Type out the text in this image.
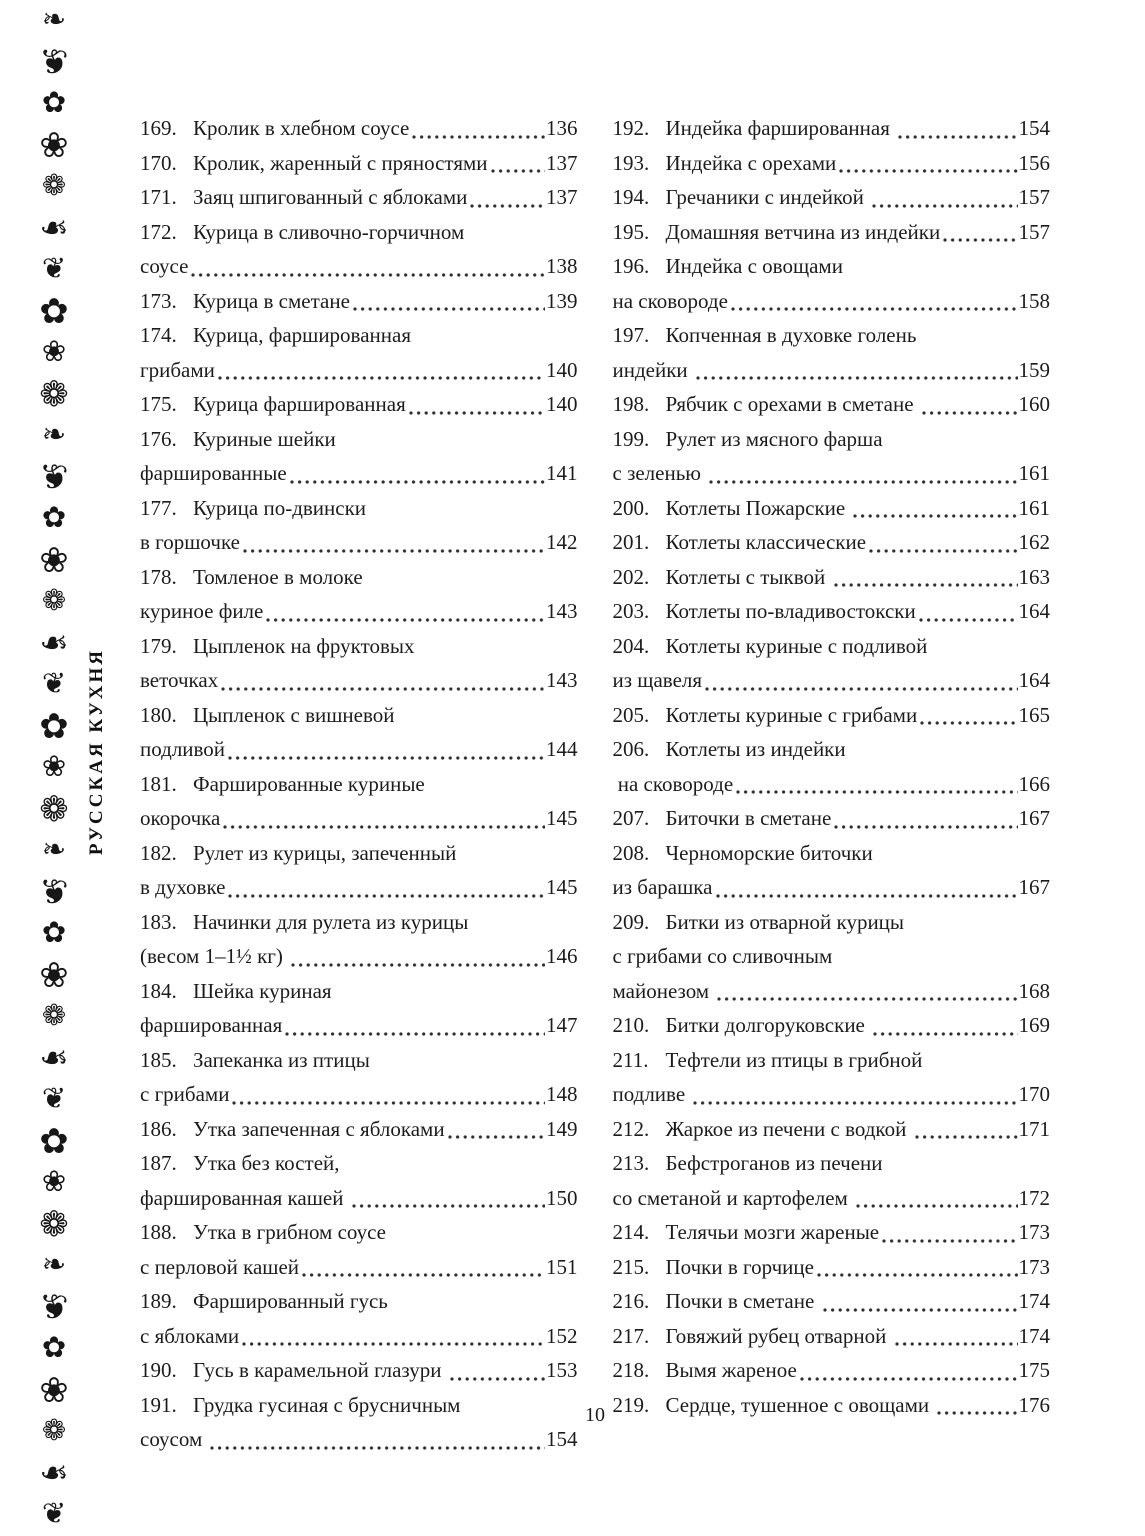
❧
❦
✿
❀
❁
❧
❦
✿
❀
❁
❧
❦
✿
❀
❁
❧
❦
✿
❀
❁
❧
❦
✿
❀
❁
❧
❦
✿
❀
❁
❧
❦
✿
❀
❁
❧
❦
РУССКАЯ КУХНЯ
169. Кролик в хлебном соусе	136
170. Кролик, жаренный с пряностями	137
171. Заяц шпигованный с яблоками	137
172. Курица в сливочно-горчичном
соусе	138
173. Курица в сметане	139
174. Курица, фаршированная
грибами	140
175. Курица фаршированная	140
176. Куриные шейки
фаршированные	141
177. Курица по-двински
в горшочке	142
178. Томленое в молоке
куриное филе	143
179. Цыпленок на фруктовых
веточках	143
180. Цыпленок с вишневой
подливой	144
181. Фаршированные куриные
окорочка	145
182. Рулет из курицы, запеченный
в духовке	145
183. Начинки для рулета из курицы
(весом 1–1½ кг)	146
184. Шейка куриная
фаршированная	147
185. Запеканка из птицы
с грибами	148
186. Утка запеченная с яблоками	149
187. Утка без костей,
фаршированная кашей	150
188. Утка в грибном соусе
с перловой кашей	151
189. Фаршированный гусь
с яблоками	152
190. Гусь в карамельной глазури	153
191. Грудка гусиная с брусничным
соусом	154
192. Индейка фаршированная	154
193. Индейка с орехами	156
194. Гречаники с индейкой	157
195. Домашняя ветчина из индейки	157
196. Индейка с овощами
на сковороде	158
197. Копченная в духовке голень
индейки	159
198. Рябчик с орехами в сметане	160
199. Рулет из мясного фарша
с зеленью	161
200. Котлеты Пожарские	161
201. Котлеты классические	162
202. Котлеты с тыквой	163
203. Котлеты по-владивостокски	164
204. Котлеты куриные с подливой
из щавеля	164
205. Котлеты куриные с грибами	165
206. Котлеты из индейки
на сковороде	166
207. Биточки в сметане	167
208. Черноморские биточки
из барашка	167
209. Битки из отварной курицы
с грибами со сливочным
майонезом	168
210. Битки долгоруковские	169
211. Тефтели из птицы в грибной
подливе	170
212. Жаркое из печени с водкой	171
213. Бефстроганов из печени
со сметаной и картофелем	172
214. Телячьи мозги жареные	173
215. Почки в горчице	173
216. Почки в сметане	174
217. Говяжий рубец отварной	174
218. Вымя жареное	175
219. Сердце, тушенное с овощами	176
10
